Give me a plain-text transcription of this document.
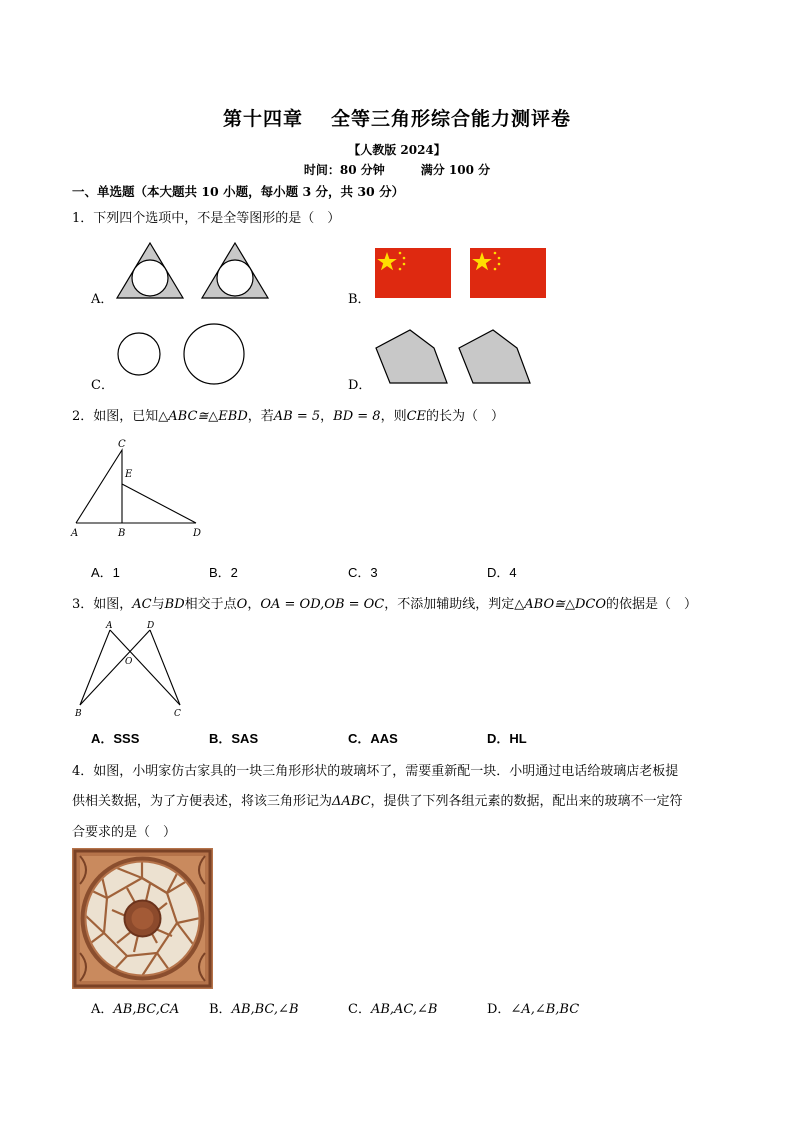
第十四章 全等三角形综合能力测评卷
【人教版 2024】
时间：80 分钟	满分 100 分
一、单选题（本大题共 10 小题，每小题 3 分，共 30 分）
1．下列四个选项中，不是全等图形的是（　）
A．	B．
C．	D．
2．如图，已知△ABC≅△EBD，若AB = 5，BD = 8，则CE的长为（　）
C
E
A	B	D
A．1	B．2	C．3	D．4
3．如图，AC与BD相交于点O，OA = OD,OB = OC，不添加辅助线，判定△ABO≅△DCO的依据是（　）
A	D
O
B	C
A．SSS	B．SAS	C．AAS	D．HL
4．如图，小明家仿古家具的一块三角形形状的玻璃坏了，需要重新配一块．小明通过电话给玻璃店老板提
供相关数据，为了方便表述，将该三角形记为ΔABC，提供了下列各组元素的数据，配出来的玻璃不一定符
合要求的是（　）
A．AB,BC,CA B．AB,BC,∠B	C．AB,AC,∠B	D．∠A,∠B,BC
